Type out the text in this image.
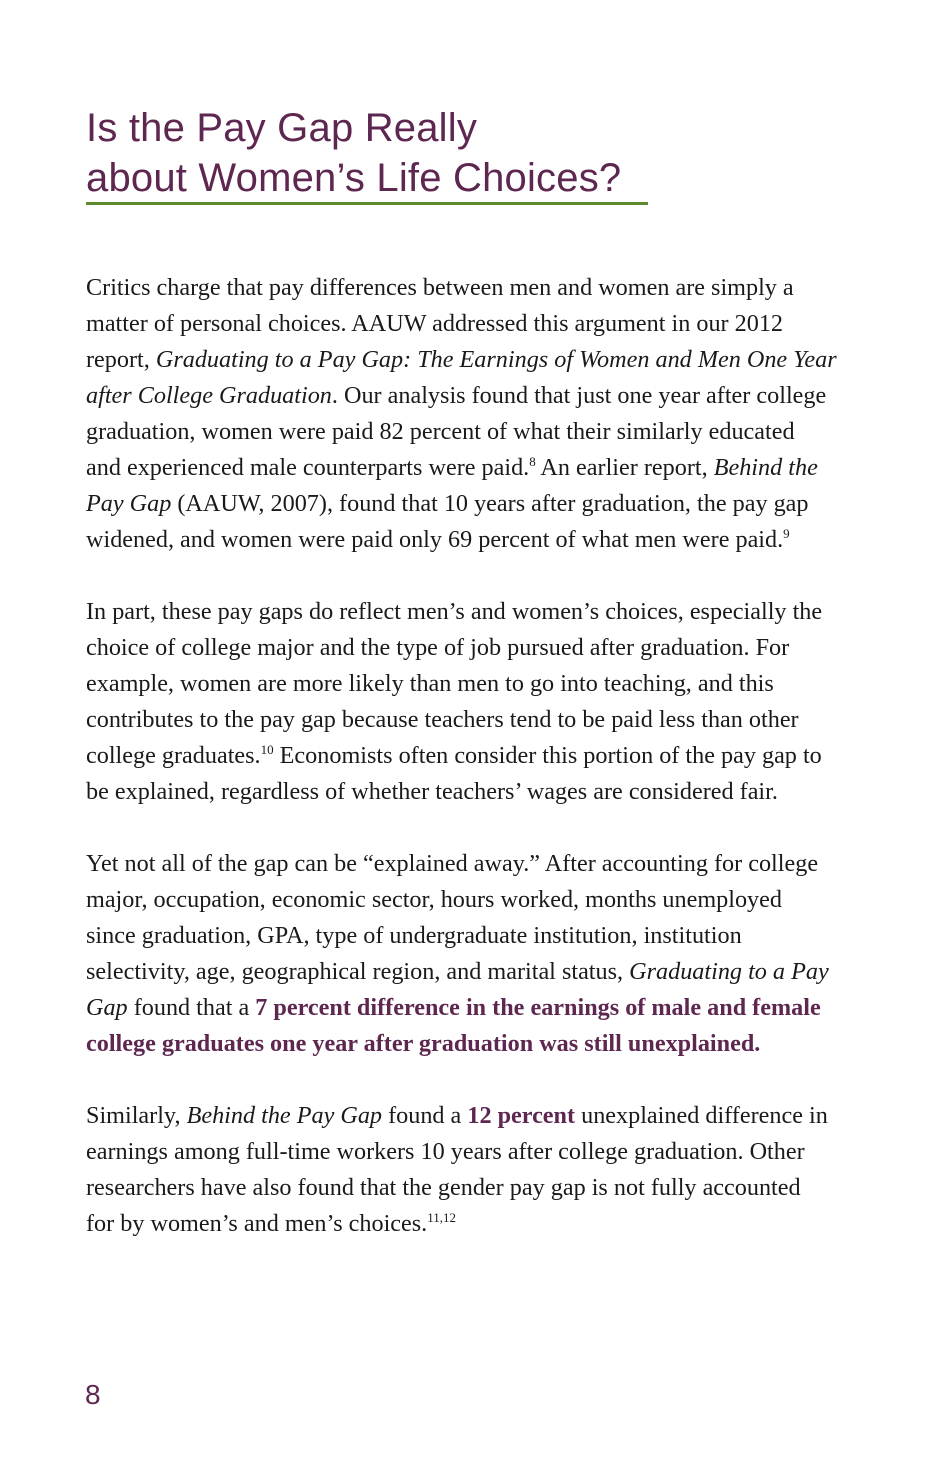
Is the Pay Gap Really
about Women’s Life Choices?

Critics charge that pay differences between men and women are simply a
matter of personal choices. AAUW addressed this argument in our 2012
report, Graduating to a Pay Gap: The Earnings of Women and Men One Year
after College Graduation. Our analysis found that just one year after college
graduation, women were paid 82 percent of what their similarly educated
and experienced male counterparts were paid.$^8$ An earlier report, Behind the
Pay Gap (AAUW, 2007), found that 10 years after graduation, the pay gap
widened, and women were paid only 69 percent of what men were paid.$^9$

In part, these pay gaps do reflect men’s and women’s choices, especially the
choice of college major and the type of job pursued after graduation. For
example, women are more likely than men to go into teaching, and this
contributes to the pay gap because teachers tend to be paid less than other
college graduates.$^{10}$ Economists often consider this portion of the pay gap to
be explained, regardless of whether teachers’ wages are considered fair.

Yet not all of the gap can be “explained away.” After accounting for college
major, occupation, economic sector, hours worked, months unemployed
since graduation, GPA, type of undergraduate institution, institution
selectivity, age, geographical region, and marital status, Graduating to a Pay
Gap found that a 7 percent difference in the earnings of male and female
college graduates one year after graduation was still unexplained.

Similarly, Behind the Pay Gap found a 12 percent unexplained difference in
earnings among full-time workers 10 years after college graduation. Other
researchers have also found that the gender pay gap is not fully accounted
for by women’s and men’s choices.$^{11,12}$

8
